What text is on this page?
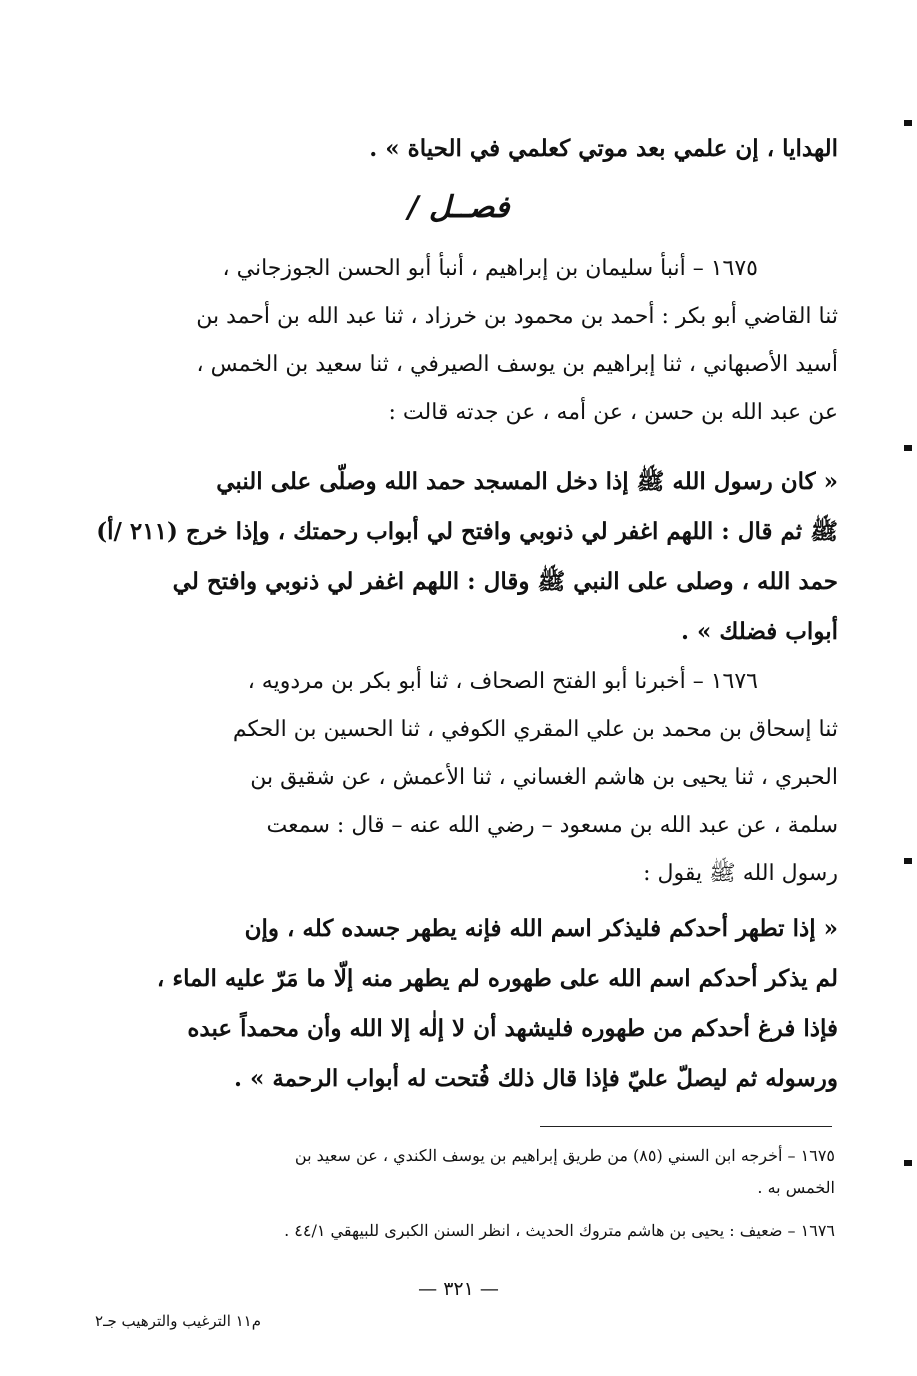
الهدايا ، إن علمي بعد موتي كعلمي في الحياة » .
فصــل /
١٦٧٥ – أنبأ سليمان بن إبراهيم ، أنبأ أبو الحسن الجوزجاني ،
ثنا القاضي أبو بكر : أحمد بن محمود بن خرزاد ، ثنا عبد الله بن أحمد بن
أسيد الأصبهاني ، ثنا إبراهيم بن يوسف الصيرفي ، ثنا سعيد بن الخمس ،
عن عبد الله بن حسن ، عن أمه ، عن جدته قالت :
« كان رسول الله ﷺ إذا دخل المسجد حمد الله وصلّى على النبي
ﷺ ثم قال : اللهم اغفر لي ذنوبي وافتح لي أبواب رحمتك ، وإذا خرج (٢١١ /أ)
حمد الله ، وصلى على النبي ﷺ وقال : اللهم اغفر لي ذنوبي وافتح لي
أبواب فضلك » .
١٦٧٦ – أخبرنا أبو الفتح الصحاف ، ثنا أبو بكر بن مردويه ،
ثنا إسحاق بن محمد بن علي المقري الكوفي ، ثنا الحسين بن الحكم
الحبري ، ثنا يحيى بن هاشم الغساني ، ثنا الأعمش ، عن شقيق بن
سلمة ، عن عبد الله بن مسعود – رضي الله عنه – قال : سمعت
رسول الله ﷺ يقول :
« إذا تطهر أحدكم فليذكر اسم الله فإنه يطهر جسده كله ، وإن
لم يذكر أحدكم اسم الله على طهوره لم يطهر منه إلّا ما مَرّ عليه الماء ،
فإذا فرغ أحدكم من طهوره فليشهد أن لا إلٰه إلا الله وأن محمداً عبده
ورسوله ثم ليصلّ عليّ فإذا قال ذلك فُتحت له أبواب الرحمة » .
١٦٧٥ – أخرجه ابن السني (٨٥) من طريق إبراهيم بن يوسف الكندي ، عن سعيد بن
الخمس به .
١٦٧٦ – ضعيف : يحيى بن هاشم متروك الحديث ، انظر السنن الكبرى للبيهقي ٤٤/١ .
— ٣٢١ —
م١١ الترغيب والترهيب جـ٢
